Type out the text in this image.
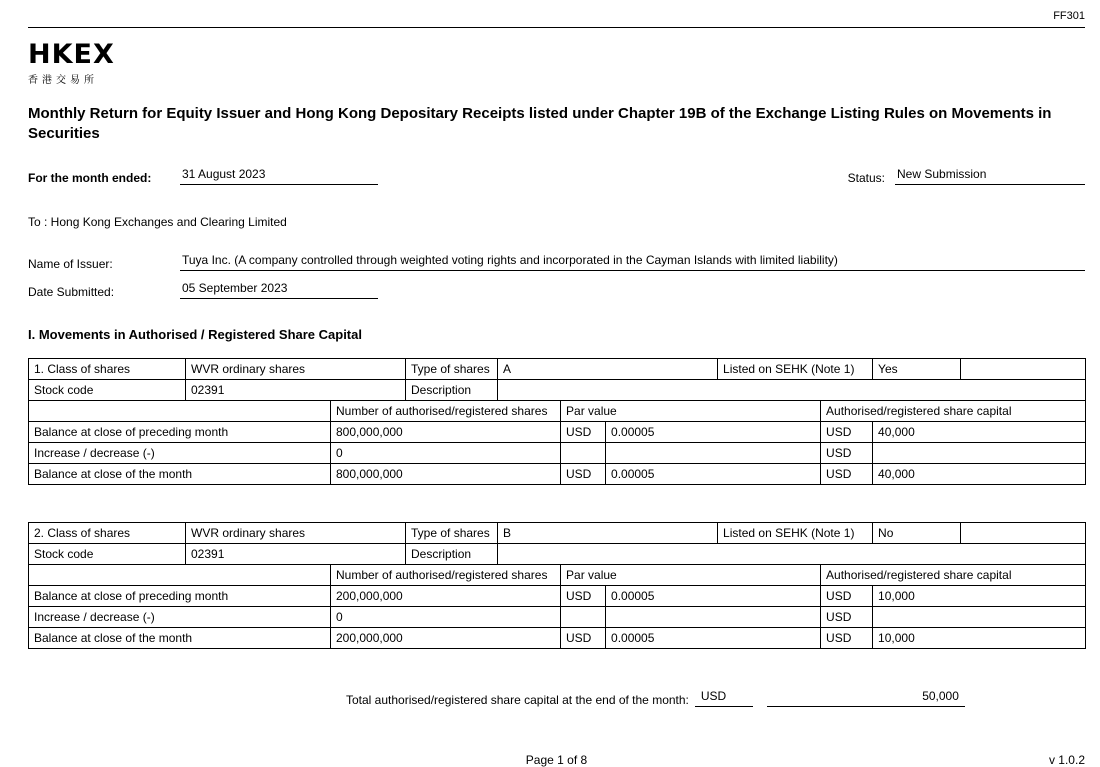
FF301
HKEX
香港交易所
Monthly Return for Equity Issuer and Hong Kong Depositary Receipts listed under Chapter 19B of the Exchange Listing Rules on Movements in Securities
For the month ended:	31 August 2023	Status: New Submission
To : Hong Kong Exchanges and Clearing Limited
Name of Issuer:	Tuya Inc. (A company controlled through weighted voting rights and incorporated in the Cayman Islands with limited liability)
Date Submitted:	05 September 2023
I. Movements in Authorised / Registered Share Capital
1. Class of shares	WVR ordinary shares		Type of shares	A			Listed on SEHK (Note 1)		Yes	
Stock code	02391		Description							
		Number of authorised/registered shares			Par value			Authorised/registered share capital		
Balance at close of preceding month		800,000,000			USD	0.00005		USD	40,000	
Increase / decrease (-)		0						USD		
Balance at close of the month		800,000,000			USD	0.00005		USD	40,000	
2. Class of shares	WVR ordinary shares		Type of shares	B			Listed on SEHK (Note 1)		No	
Stock code	02391		Description							
		Number of authorised/registered shares			Par value			Authorised/registered share capital		
Balance at close of preceding month		200,000,000			USD	0.00005		USD	10,000	
Increase / decrease (-)		0						USD		
Balance at close of the month		200,000,000			USD	0.00005		USD	10,000	
Total authorised/registered share capital at the end of the month:	USD	50,000
Page 1 of 8	v 1.0.2
